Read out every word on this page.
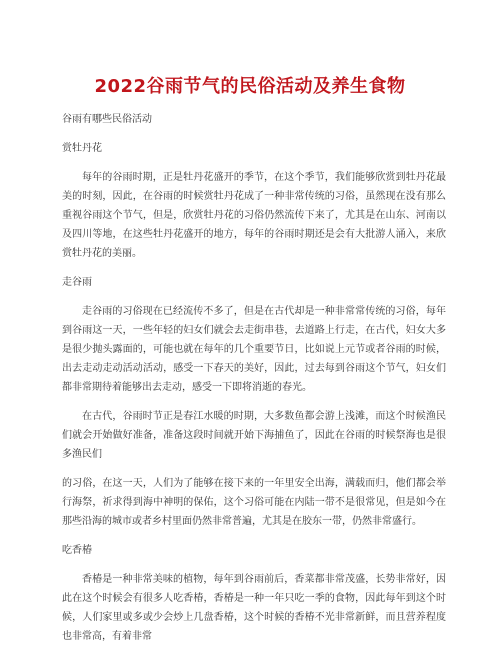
2022谷雨节气的民俗活动及养生食物

谷雨有哪些民俗活动

赏牡丹花

每年的谷雨时期，正是牡丹花盛开的季节，在这个季节，我们能够欣赏到牡丹花最美的时刻，因此，在谷雨的时候赏牡丹花成了一种非常传统的习俗，虽然现在没有那么重视谷雨这个节气，但是，欣赏牡丹花的习俗仍然流传下来了，尤其是在山东、河南以及四川等地，在这些牡丹花盛开的地方，每年的谷雨时期还是会有大批游人涌入，来欣赏牡丹花的美丽。

走谷雨

走谷雨的习俗现在已经流传不多了，但是在古代却是一种非常常传统的习俗，每年到谷雨这一天，一些年轻的妇女们就会去走街串巷，去道路上行走，在古代，妇女大多是很少抛头露面的，可能也就在每年的几个重要节日，比如说上元节或者谷雨的时候，出去走动走动活动活动，感受一下春天的美好，因此，过去每到谷雨这个节气，妇女们都非常期待着能够出去走动，感受一下即将消逝的春光。

在古代，谷雨时节正是春江水暖的时期，大多数鱼都会游上浅滩，而这个时候渔民们就会开始做好准备，准备这段时间就开始下海捕鱼了，因此在谷雨的时候祭海也是很多渔民们

的习俗，在这一天，人们为了能够在接下来的一年里安全出海，满载而归，他们都会举行海祭，祈求得到海中神明的保佑，这个习俗可能在内陆一带不是很常见，但是如今在那些沿海的城市或者乡村里面仍然非常普遍，尤其是在胶东一带，仍然非常盛行。

吃香椿

香椿是一种非常美味的植物，每年到谷雨前后，香菜都非常茂盛，长势非常好，因此在这个时候会有很多人吃香椿，香椿是一种一年只吃一季的食物，因此每年到这个时候，人们家里或多或少会炒上几盘香椿，这个时候的香椿不光非常新鲜，而且营养程度也非常高，有着非常
